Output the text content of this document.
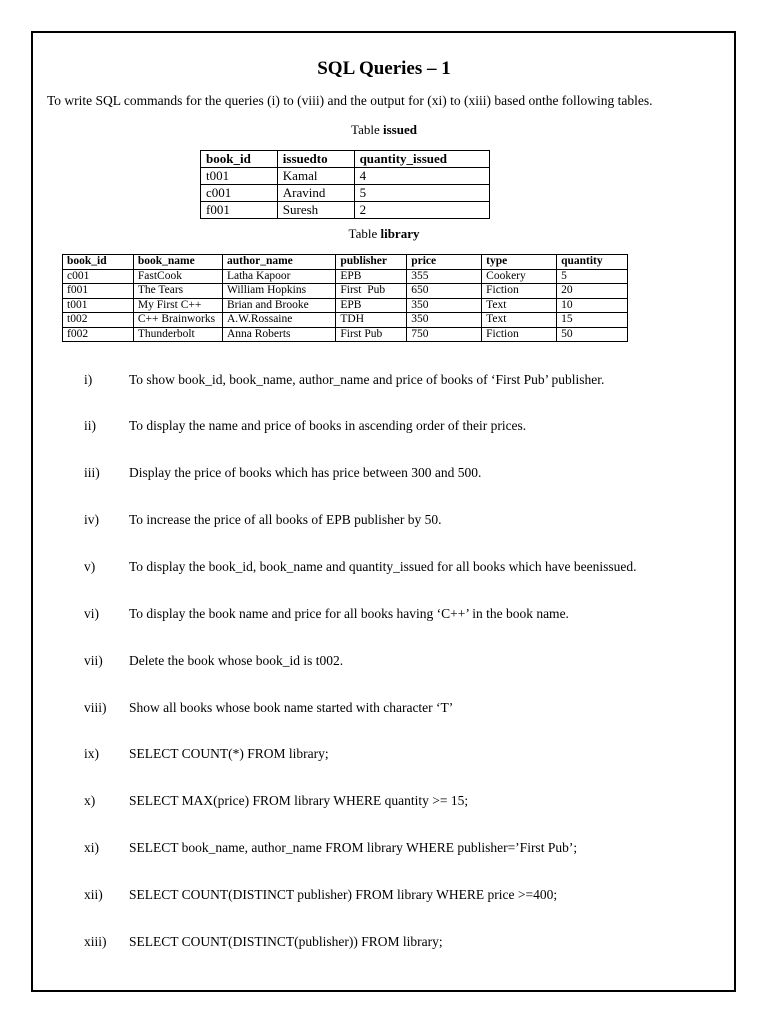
SQL Queries – 1
To write SQL commands for the queries (i) to (viii) and the output for (xi) to (xiii) based onthe following tables.
Table issued
book_id	issuedto	quantity_issued
t001	Kamal	4
c001	Aravind	5
f001	Suresh	2
Table library
book_id	book_name	author_name	publisher	price	type	quantity
c001	FastCook	Latha Kapoor	EPB	355	Cookery	5
f001	The Tears	William Hopkins	First  Pub	650	Fiction	20
t001	My First C++	Brian and Brooke	EPB	350	Text	10
t002	C++ Brainworks	A.W.Rossaine	TDH	350	Text	15
f002	Thunderbolt	Anna Roberts	First Pub	750	Fiction	50
i)	To show book_id, book_name, author_name and price of books of ‘First Pub’ publisher.
ii) To display the name and price of books in ascending order of their prices.
iii) Display the price of books which has price between 300 and 500.
iv) To increase the price of all books of EPB publisher by 50.
v)	To display the book_id, book_name and quantity_issued for all books which have beenissued.
vi) To display the book name and price for all books having ‘C++’ in the book name.
vii) Delete the book whose book_id is t002.
viii) Show all books whose book name started with character ‘T’
ix) SELECT COUNT(*) FROM library;
x)	SELECT MAX(price) FROM library WHERE quantity >= 15;
xi) SELECT book_name, author_name FROM library WHERE publisher=’First Pub’;
xii) SELECT COUNT(DISTINCT publisher) FROM library WHERE price >=400;
xiii) SELECT COUNT(DISTINCT(publisher)) FROM library;
